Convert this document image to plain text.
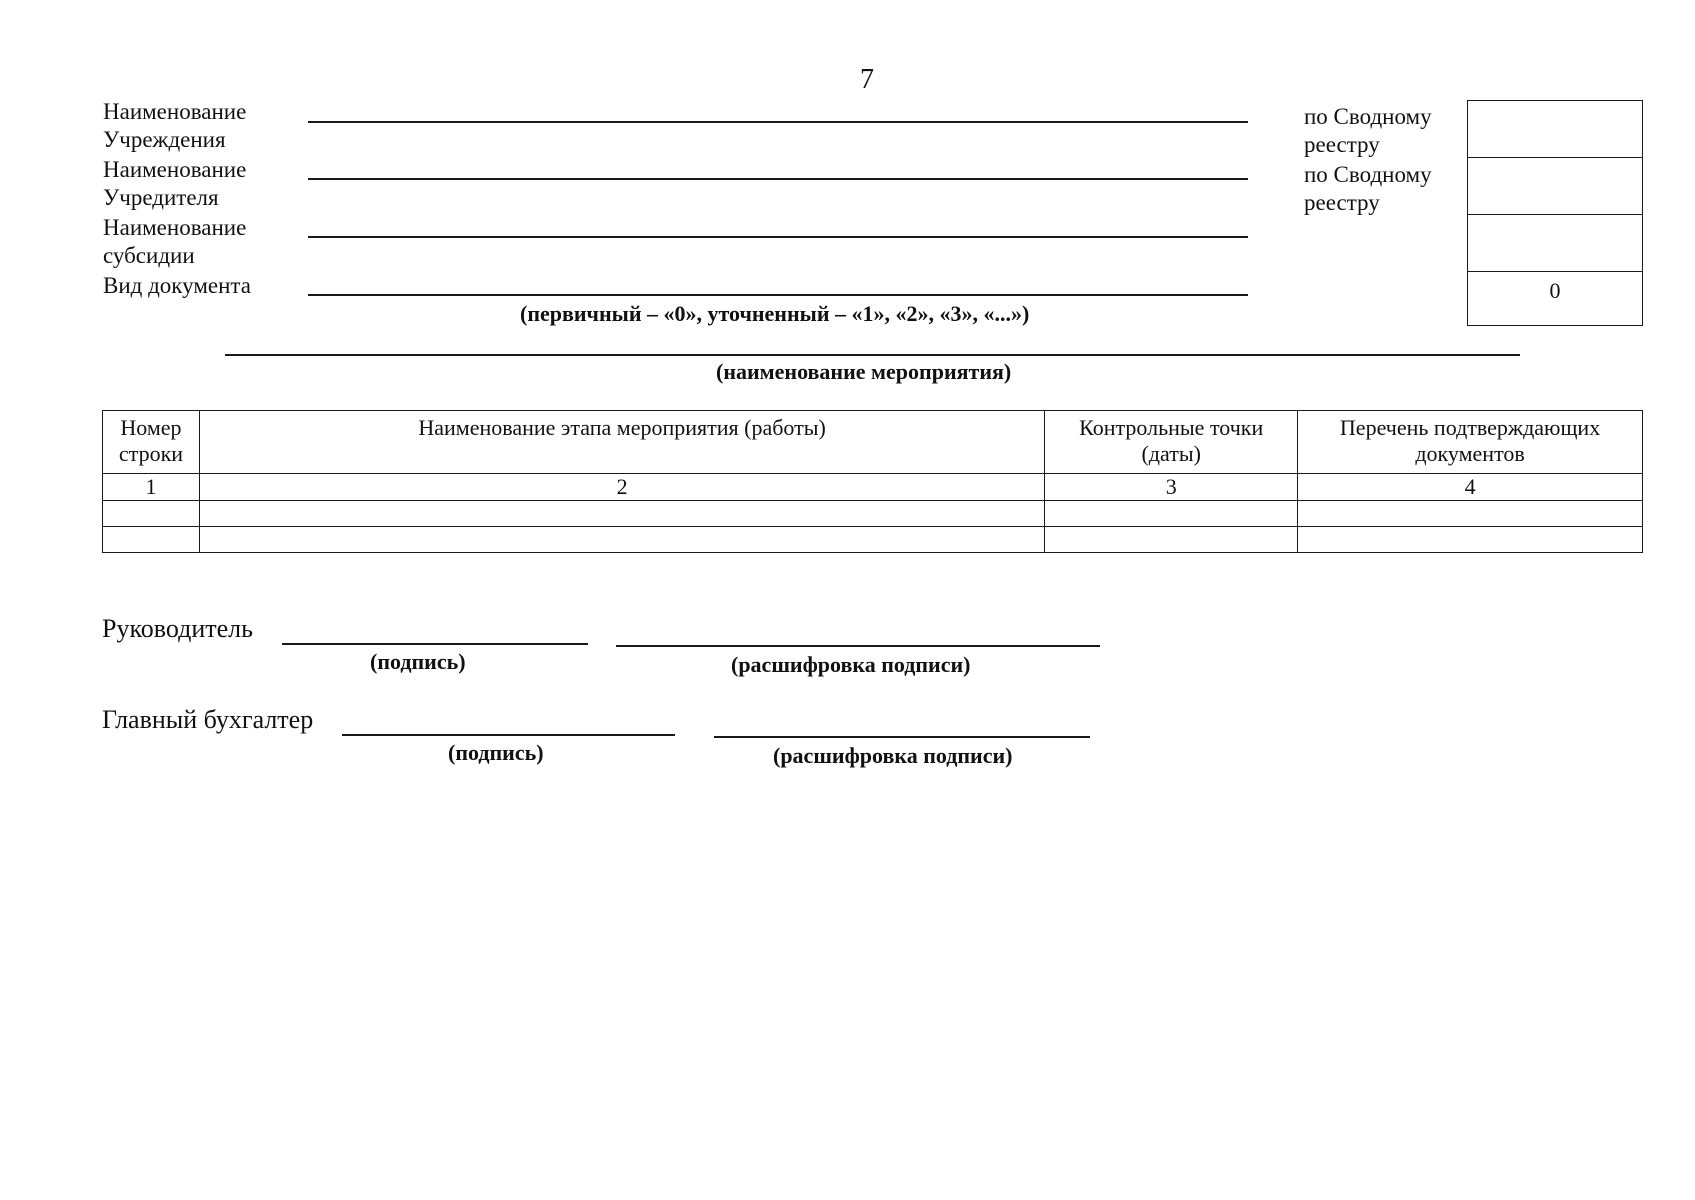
7
Наименование
Учреждения
Наименование
Учредителя
Наименование
субсидии
Вид документа
(первичный – «0», уточненный – «1», «2», «3», «...»)
по Сводному
реестру
по Сводному
реестру
0
(наименование мероприятия)
Номер строки	Наименование этапа мероприятия (работы)	Контрольные точки (даты)	Перечень подтверждающих документов
1	2	3	4

Руководитель
(подпись)	(расшифровка подписи)
Главный бухгалтер
(подпись)	(расшифровка подписи)
